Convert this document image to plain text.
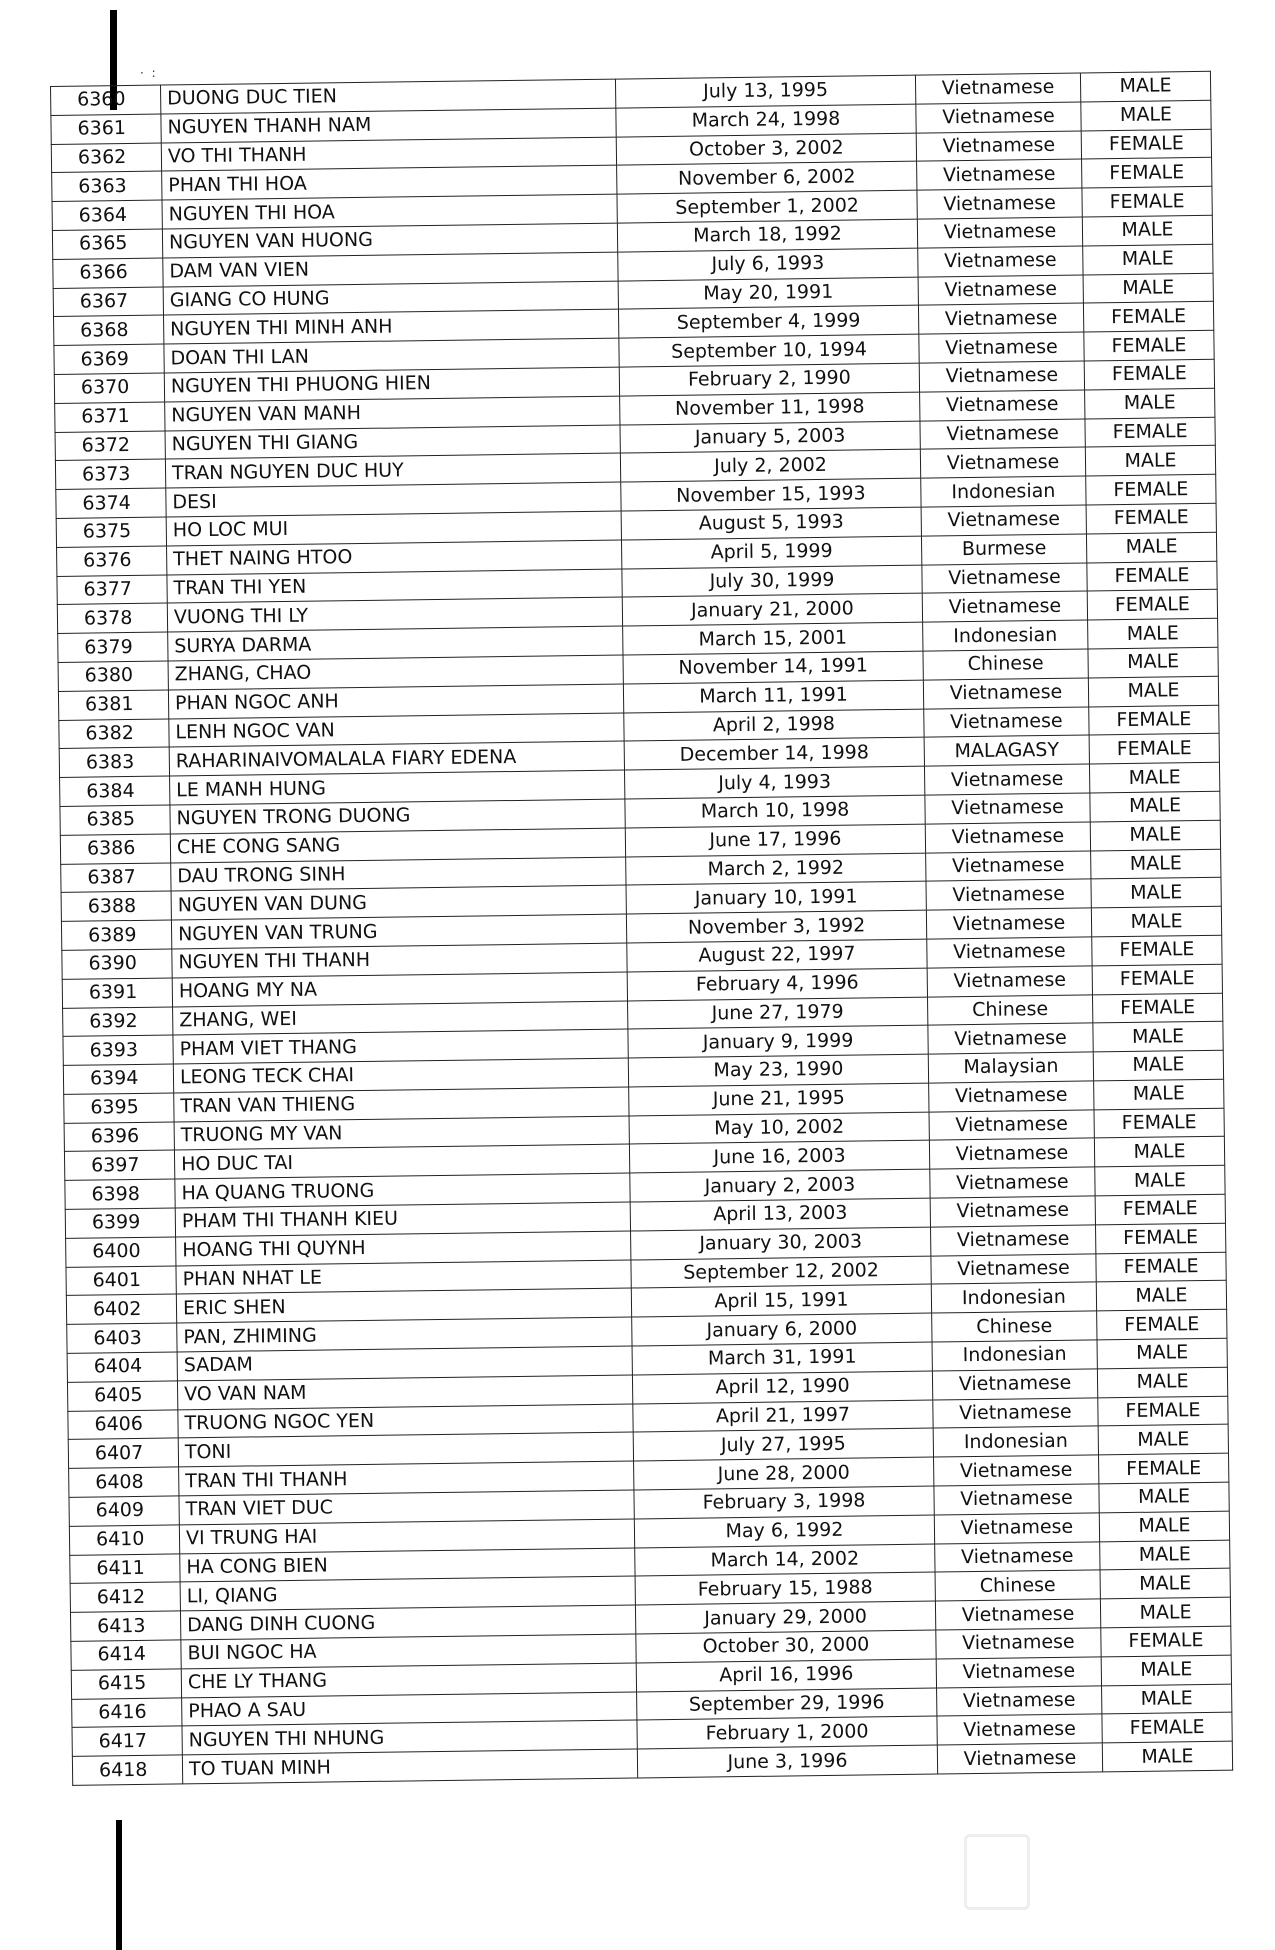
· :
6360	DUONG DUC TIEN	July 13, 1995	Vietnamese	MALE
6361	NGUYEN THANH NAM	March 24, 1998	Vietnamese	MALE
6362	VO THI THANH	October 3, 2002	Vietnamese	FEMALE
6363	PHAN THI HOA	November 6, 2002	Vietnamese	FEMALE
6364	NGUYEN THI HOA	September 1, 2002	Vietnamese	FEMALE
6365	NGUYEN VAN HUONG	March 18, 1992	Vietnamese	MALE
6366	DAM VAN VIEN	July 6, 1993	Vietnamese	MALE
6367	GIANG CO HUNG	May 20, 1991	Vietnamese	MALE
6368	NGUYEN THI MINH ANH	September 4, 1999	Vietnamese	FEMALE
6369	DOAN THI LAN	September 10, 1994	Vietnamese	FEMALE
6370	NGUYEN THI PHUONG HIEN	February 2, 1990	Vietnamese	FEMALE
6371	NGUYEN VAN MANH	November 11, 1998	Vietnamese	MALE
6372	NGUYEN THI GIANG	January 5, 2003	Vietnamese	FEMALE
6373	TRAN NGUYEN DUC HUY	July 2, 2002	Vietnamese	MALE
6374	DESI	November 15, 1993	Indonesian	FEMALE
6375	HO LOC MUI	August 5, 1993	Vietnamese	FEMALE
6376	THET NAING HTOO	April 5, 1999	Burmese	MALE
6377	TRAN THI YEN	July 30, 1999	Vietnamese	FEMALE
6378	VUONG THI LY	January 21, 2000	Vietnamese	FEMALE
6379	SURYA DARMA	March 15, 2001	Indonesian	MALE
6380	ZHANG, CHAO	November 14, 1991	Chinese	MALE
6381	PHAN NGOC ANH	March 11, 1991	Vietnamese	MALE
6382	LENH NGOC VAN	April 2, 1998	Vietnamese	FEMALE
6383	RAHARINAIVOMALALA FIARY EDENA	December 14, 1998	MALAGASY	FEMALE
6384	LE MANH HUNG	July 4, 1993	Vietnamese	MALE
6385	NGUYEN TRONG DUONG	March 10, 1998	Vietnamese	MALE
6386	CHE CONG SANG	June 17, 1996	Vietnamese	MALE
6387	DAU TRONG SINH	March 2, 1992	Vietnamese	MALE
6388	NGUYEN VAN DUNG	January 10, 1991	Vietnamese	MALE
6389	NGUYEN VAN TRUNG	November 3, 1992	Vietnamese	MALE
6390	NGUYEN THI THANH	August 22, 1997	Vietnamese	FEMALE
6391	HOANG MY NA	February 4, 1996	Vietnamese	FEMALE
6392	ZHANG, WEI	June 27, 1979	Chinese	FEMALE
6393	PHAM VIET THANG	January 9, 1999	Vietnamese	MALE
6394	LEONG TECK CHAI	May 23, 1990	Malaysian	MALE
6395	TRAN VAN THIENG	June 21, 1995	Vietnamese	MALE
6396	TRUONG MY VAN	May 10, 2002	Vietnamese	FEMALE
6397	HO DUC TAI	June 16, 2003	Vietnamese	MALE
6398	HA QUANG TRUONG	January 2, 2003	Vietnamese	MALE
6399	PHAM THI THANH KIEU	April 13, 2003	Vietnamese	FEMALE
6400	HOANG THI QUYNH	January 30, 2003	Vietnamese	FEMALE
6401	PHAN NHAT LE	September 12, 2002	Vietnamese	FEMALE
6402	ERIC SHEN	April 15, 1991	Indonesian	MALE
6403	PAN, ZHIMING	January 6, 2000	Chinese	FEMALE
6404	SADAM	March 31, 1991	Indonesian	MALE
6405	VO VAN NAM	April 12, 1990	Vietnamese	MALE
6406	TRUONG NGOC YEN	April 21, 1997	Vietnamese	FEMALE
6407	TONI	July 27, 1995	Indonesian	MALE
6408	TRAN THI THANH	June 28, 2000	Vietnamese	FEMALE
6409	TRAN VIET DUC	February 3, 1998	Vietnamese	MALE
6410	VI TRUNG HAI	May 6, 1992	Vietnamese	MALE
6411	HA CONG BIEN	March 14, 2002	Vietnamese	MALE
6412	LI, QIANG	February 15, 1988	Chinese	MALE
6413	DANG DINH CUONG	January 29, 2000	Vietnamese	MALE
6414	BUI NGOC HA	October 30, 2000	Vietnamese	FEMALE
6415	CHE LY THANG	April 16, 1996	Vietnamese	MALE
6416	PHAO A SAU	September 29, 1996	Vietnamese	MALE
6417	NGUYEN THI NHUNG	February 1, 2000	Vietnamese	FEMALE
6418	TO TUAN MINH	June 3, 1996	Vietnamese	MALE
